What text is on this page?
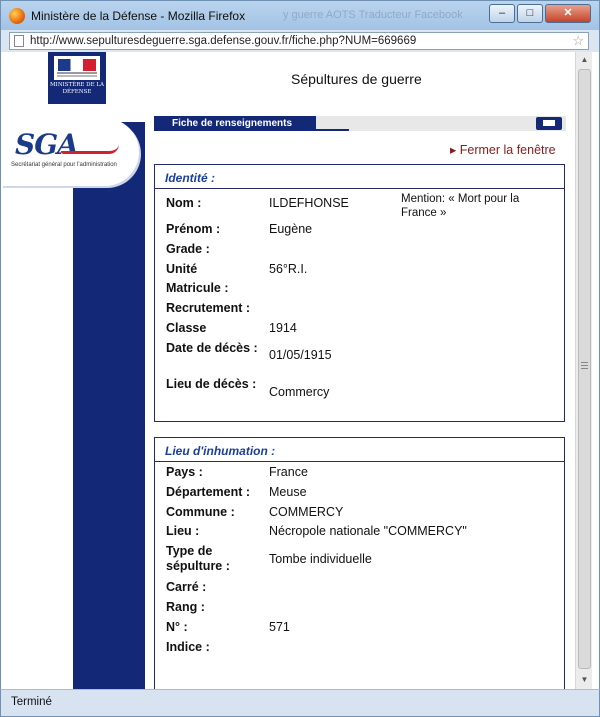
Ministère de la Défense - Mozilla Firefox	y guerre AOTS Traducteur Facebook	–	□	✕
http://www.sepulturesdeguerre.sga.defense.gouv.fr/fiche.php?NUM=669669	☆
MINISTÈRE DE LA DÉFENSE
Sépultures de guerre
SGA
Secrétariat général pour l'administration
Fiche de renseignements
▸ Fermer la fenêtre
Identité :
Mention: « Mort pour la France »
Nom :	ILDEFHONSE
Prénom :	Eugène
Grade :
Unité	56°R.I.
Matricule :
Recrutement :
Classe	1914
Date de décès : 01/05/1915
Lieu de décès :
Commercy
Lieu d'inhumation :
Pays :	France
Département : Meuse
Commune :	COMMERCY
Lieu :	Nécropole nationale "COMMERCY"
Type de sépulture :	Tombe individuelle
Carré :
Rang :
N° :	571
Indice :
▲
▼
Terminé
